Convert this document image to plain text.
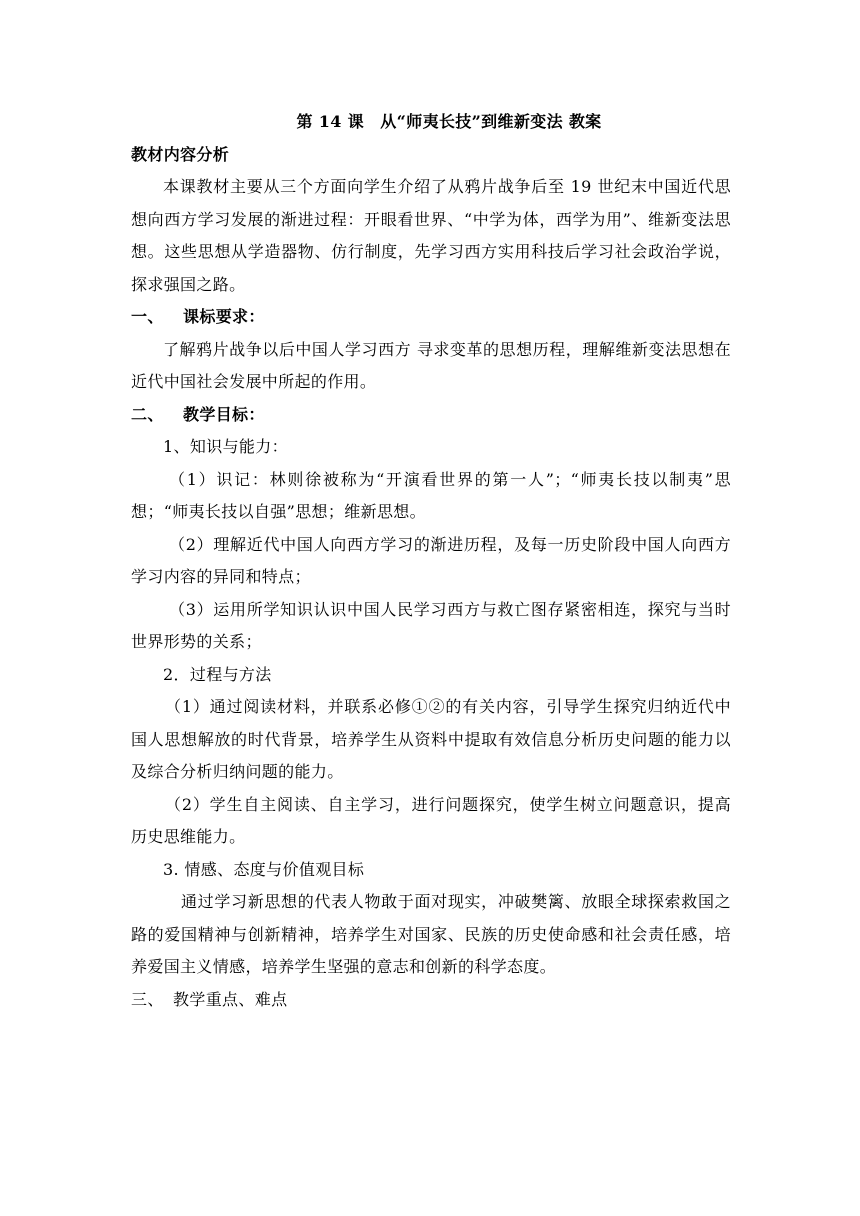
第 14 课　从“师夷长技”到维新变法 教案
教材内容分析

本课教材主要从三个方面向学生介绍了从鸦片战争后至 19 世纪末中国近代思想向西方学习发展的渐进过程：开眼看世界、“中学为体，西学为用”、维新变法思想。这些思想从学造器物、仿行制度，先学习西方实用科技后学习社会政治学说，探求强国之路。

一、	课标要求：

了解鸦片战争以后中国人学习西方 寻求变革的思想历程，理解维新变法思想在近代中国社会发展中所起的作用。

二、	教学目标：

1、知识与能力：

（1）识记：林则徐被称为“开演看世界的第一人”；“师夷长技以制夷”思想；“师夷长技以自强”思想；维新思想。

（2）理解近代中国人向西方学习的渐进历程，及每一历史阶段中国人向西方学习内容的异同和特点；

（3）运用所学知识认识中国人民学习西方与救亡图存紧密相连，探究与当时世界形势的关系；

2．过程与方法

（1）通过阅读材料，并联系必修①②的有关内容，引导学生探究归纳近代中国人思想解放的时代背景，培养学生从资料中提取有效信息分析历史问题的能力以及综合分析归纳问题的能力。

（2）学生自主阅读、自主学习，进行问题探究，使学生树立问题意识，提高历史思维能力。

3. 情感、态度与价值观目标

通过学习新思想的代表人物敢于面对现实，冲破樊篱、放眼全球探索救国之路的爱国精神与创新精神，培养学生对国家、民族的历史使命感和社会责任感，培养爱国主义情感，培养学生坚强的意志和创新的科学态度。

三、 教学重点、难点
